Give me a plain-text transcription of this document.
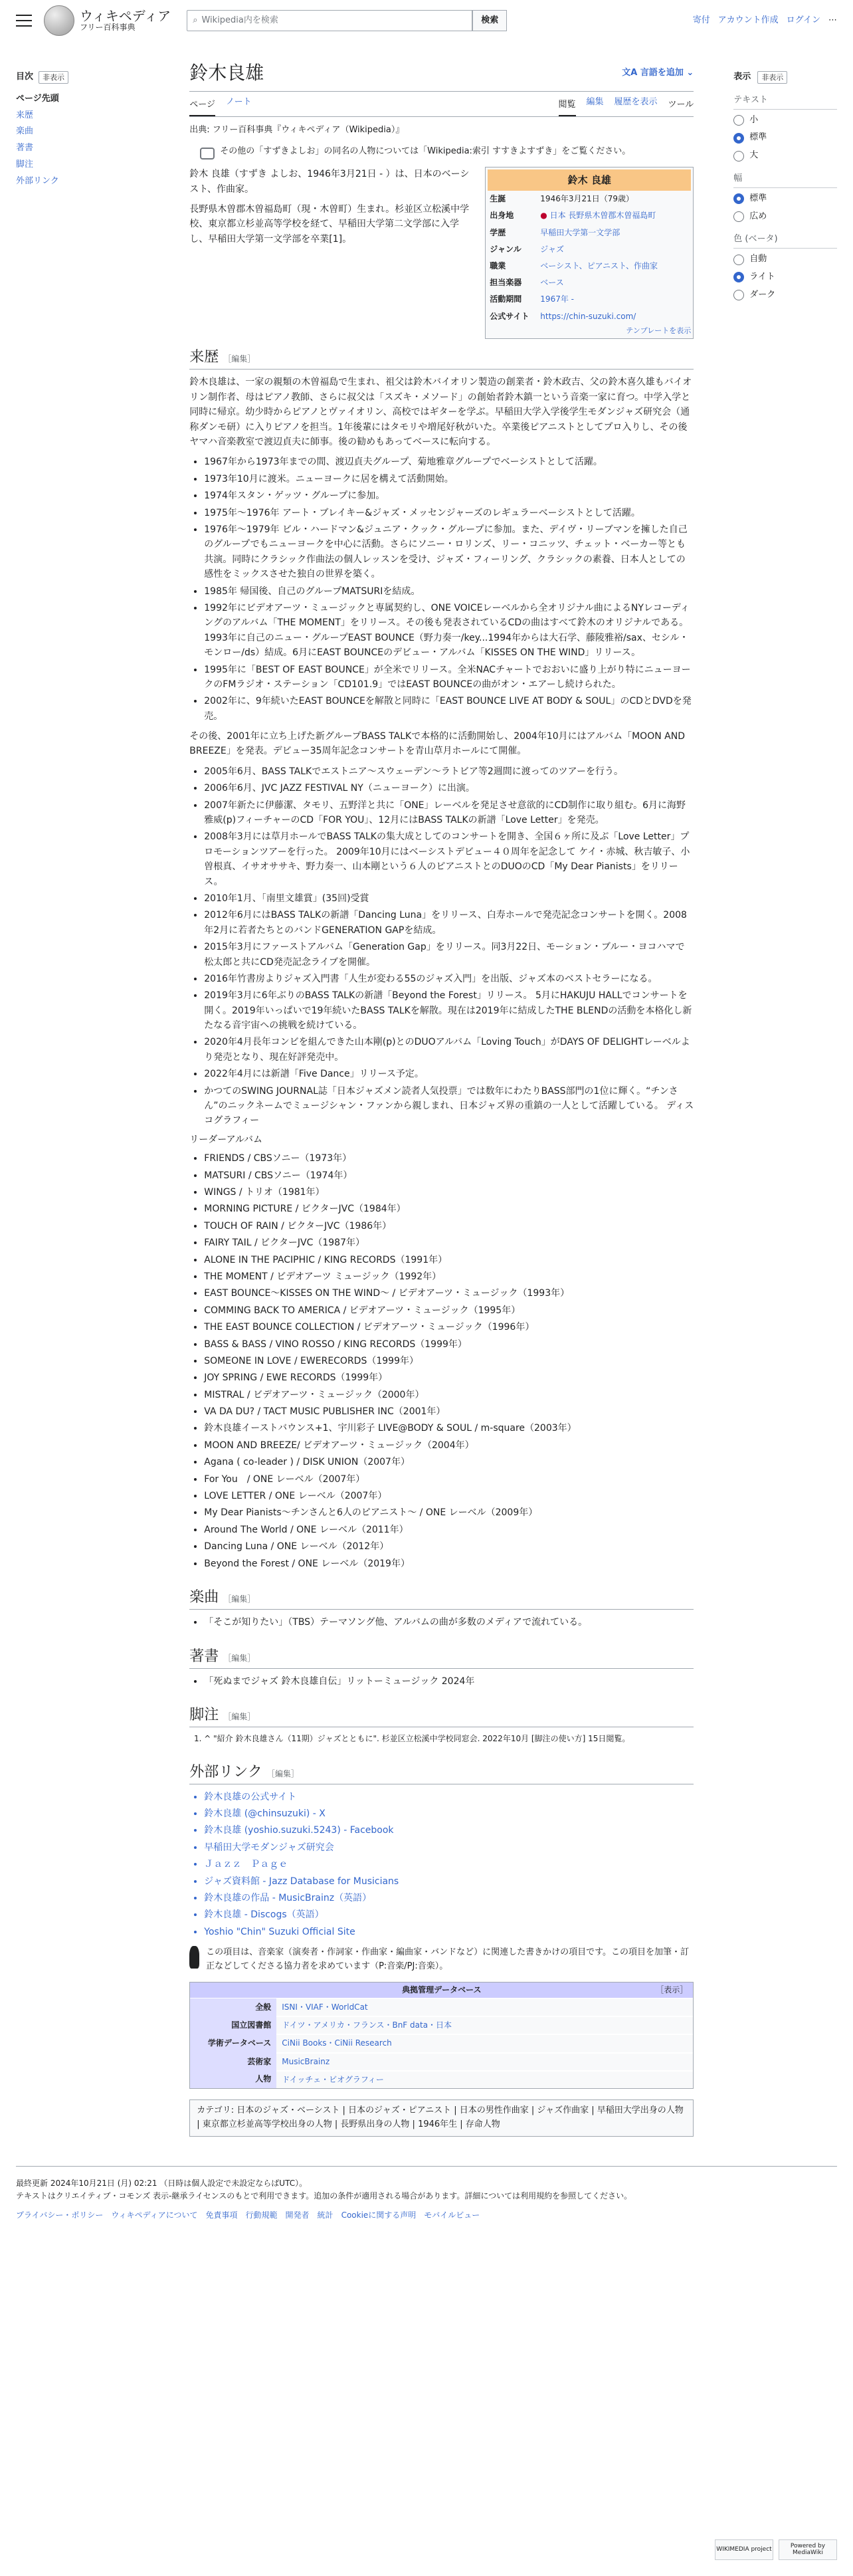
ウィキペディア
フリー百科事典
⌕ Wikipedia内を検索	検索	寄付 アカウント作成 ログイン ⋯
目次	非表示
ページ先頭
来歴
楽曲
著書
脚注
外部リンク
鈴木良雄	文A 言語を追加 ⌄
ページ ノート	閲覧 編集 履歴を表示 ツール
出典: フリー百科事典『ウィキペディア（Wikipedia）』
その他の「すずきよしお」の同名の人物については「Wikipedia:索引 すすきよすずき」をご覧ください。
鈴木 良雄
生誕	1946年3月21日（79歳）
出身地	● 日本 長野県木曽郡木曽福島町
学歴	早稲田大学第一文学部
ジャンル	ジャズ
職業	ベーシスト、ピアニスト、作曲家
担当楽器	ベース
活動期間	1967年 -
公式サイト	https://chin-suzuki.com/
テンプレートを表示

鈴木 良雄（すずき よしお、1946年3月21日 - ）は、日本のベーシスト、作曲家。

長野県木曽郡木曽福島町（現・木曽町）生まれ。杉並区立松溪中学校、東京都立杉並高等学校を経て、早稲田大学第二文学部に入学し、早稲田大学第一文学部を卒業[1]。

来歴 ［編集］

鈴木良雄は、一家の親類の木曽福島で生まれ、祖父は鈴木バイオリン製造の創業者・鈴木政吉、父の鈴木喜久雄もバイオリン制作者、母はピアノ教師、さらに叔父は「スズキ・メソード」の創始者鈴木鎮一という音楽一家に育つ。中学入学と同時に帰京。幼少時からピアノとヴァイオリン、高校ではギターを学ぶ。早稲田大学入学後学生モダンジャズ研究会（通称ダンモ研）に入りピアノを担当。1年後輩にはタモリや増尾好秋がいた。卒業後ピアニストとしてプロ入りし、その後ヤマハ音楽教室で渡辺貞夫に師事。後の勧めもあってベースに転向する。

• 1967年から1973年までの間、渡辺貞夫グループ、菊地雅章グループでベーシストとして活躍。
• 1973年10月に渡米。ニューヨークに居を構えて活動開始。
• 1974年スタン・ゲッツ・グループに参加。
• 1975年〜1976年 アート・ブレイキー&ジャズ・メッセンジャーズのレギュラーベーシストとして活躍。
• 1976年〜1979年 ビル・ハードマン&ジュニア・クック・グループに参加。また、デイヴ・リーブマンを擁した自己のグループでもニューヨークを中心に活動。さらにソニー・ロリンズ、リー・コニッツ、チェット・ベーカー等とも共演。同時にクラシック作曲法の個人レッスンを受け、ジャズ・フィーリング、クラシックの素養、日本人としての感性をミックスさせた独自の世界を築く。
• 1985年 帰国後、自己のグループMATSURIを結成。
• 1992年にビデオアーツ・ミュージックと専属契約し、ONE VOICEレーベルから全オリジナル曲によるNYレコーディングのアルバム「THE MOMENT」をリリース。その後も発表されているCDの曲はすべて鈴木のオリジナルである。1993年に自己のニュー・グループEAST BOUNCE（野力奏一/key...1994年からは大石学、藤陵雅裕/sax、セシル・モンロー/ds）結成。6月にEAST BOUNCEのデビュー・アルバム「KISSES ON THE WIND」リリース。
• 1995年に「BEST OF EAST BOUNCE」が全米でリリース。全米NACチャートでおおいに盛り上がり特にニューヨークのFMラジオ・ステーション「CD101.9」ではEAST BOUNCEの曲がオン・エアーし続けられた。
• 2002年に、9年続いたEAST BOUNCEを解散と同時に「EAST BOUNCE LIVE AT BODY & SOUL」のCDとDVDを発売。

その後、2001年に立ち上げた新グループBASS TALKで本格的に活動開始し、2004年10月にはアルバム「MOON AND BREEZE」を発表。デビュー35周年記念コンサートを青山草月ホールにて開催。

• 2005年6月、BASS TALKでエストニア〜スウェーデン〜ラトビア等2週間に渡ってのツアーを行う。
• 2006年6月、JVC JAZZ FESTIVAL NY（ニューヨーク）に出演。
• 2007年新たに伊藤潔、タモリ、五野洋と共に「ONE」レーベルを発足させ意欲的にCD制作に取り組む。6月に海野雅威(p)フィーチャーのCD「FOR YOU」、12月にはBASS TALKの新譜「Love Letter」を発売。
• 2008年3月には草月ホールでBASS TALKの集大成としてのコンサートを開き、全国６ヶ所に及ぶ「Love Letter」プロモーションツアーを行った。 2009年10月にはベーシストデビュー４０周年を記念して ケイ・赤城、秋吉敏子、小曽根真、イサオササキ、野力奏一、山本剛という６人のピアニストとのDUOのCD「My Dear Pianists」をリリース。
• 2010年1月、「南里文雄賞」(35回)受賞
• 2012年6月にはBASS TALKの新譜「Dancing Luna」をリリース、白寿ホールで発売記念コンサートを開く。2008年2月に若者たちとのバンドGENERATION GAPを結成。
• 2015年3月にファーストアルバム「Generation Gap」をリリース。同3月22日、モーション・ブルー・ヨコハマで松太郎と共にCD発売記念ライブを開催。
• 2016年竹書房よりジャズ入門書「人生が変わる55のジャズ入門」を出版、ジャズ本のベストセラーになる。
• 2019年3月に6年ぶりのBASS TALKの新譜「Beyond the Forest」リリース。 5月にHAKUJU HALLでコンサートを開く。2019年いっぱいで19年続いたBASS TALKを解散。現在は2019年に結成したTHE BLENDの活動を本格化し新たなる音宇宙への挑戦を続けている。
• 2020年4月長年コンビを組んできた山本剛(p)とのDUOアルバム「Loving Touch」がDAYS OF DELIGHTレーベルより発売となり、現在好評発売中。
• 2022年4月には新譜「Five Dance」リリース予定。
• かつてのSWING JOURNAL誌「日本ジャズメン読者人気投票」では数年にわたりBASS部門の1位に輝く。“チンさん”のニックネームでミュージシャン・ファンから親しまれ、日本ジャズ界の重鎮の一人として活躍している。 ディスコグラフィー
リーダーアルバム
• FRIENDS / CBSソニー（1973年）
• MATSURI / CBSソニー（1974年）
• WINGS / トリオ（1981年）
• MORNING PICTURE / ビクターJVC（1984年）
• TOUCH OF RAIN / ビクターJVC（1986年）
• FAIRY TAIL / ビクターJVC（1987年）
• ALONE IN THE PACIPHIC / KING RECORDS（1991年）
• THE MOMENT / ビデオアーツ ミュージック（1992年）
• EAST BOUNCE〜KISSES ON THE WIND〜 / ビデオアーツ・ミュージック（1993年）
• COMMING BACK TO AMERICA / ビデオアーツ・ミュージック（1995年）
• THE EAST BOUNCE COLLECTION / ビデオアーツ・ミュージック（1996年）
• BASS & BASS / VINO ROSSO / KING RECORDS（1999年）
• SOMEONE IN LOVE / EWERECORDS（1999年）
• JOY SPRING / EWE RECORDS（1999年）
• MISTRAL / ビデオアーツ・ミュージック（2000年）
• VA DA DU? / TACT MUSIC PUBLISHER INC（2001年）
• 鈴木良雄イーストバウンス+1、宇川彩子 LIVE@BODY & SOUL / m-square（2003年）
• MOON AND BREEZE/ ビデオアーツ・ミュージック（2004年）
• Agana ( co-leader ) / DISK UNION（2007年）
• For You　/ ONE レーベル（2007年）
• LOVE LETTER / ONE レーベル（2007年）
• My Dear Pianists〜チンさんと6人のピアニスト〜 / ONE レーベル（2009年）
• Around The World / ONE レーベル（2011年）
• Dancing Luna / ONE レーベル（2012年）
• Beyond the Forest / ONE レーベル（2019年）
楽曲 ［編集］
• 「そこが知りたい」（TBS）テーマソング他、アルバムの曲が多数のメディアで流れている。
著書 ［編集］
• 「死ぬまでジャズ 鈴木良雄自伝」リットーミュージック 2024年
脚注 ［編集］
1. ^ "紹介 鈴木良雄さん（11期）ジャズとともに". 杉並区立松溪中学校同窓会. 2022年10月 [脚注の使い方] 15日閲覧。
外部リンク ［編集］
• 鈴木良雄の公式サイト
• 鈴木良雄 (@chinsuzuki) - X
• 鈴木良雄 (yoshio.suzuki.5243) - Facebook
• 早稲田大学モダンジャズ研究会
• Ｊａｚｚ　Ｐａｇｅ
• ジャズ資料館 - Jazz Database for Musicians
• 鈴木良雄の作品 - MusicBrainz（英語）
• 鈴木良雄 - Discogs（英語）
• Yoshio "Chin" Suzuki Official Site
この項目は、音楽家（演奏者・作詞家・作曲家・編曲家・バンドなど）に関連した書きかけの項目です。この項目を加筆・訂正などしてくださる協力者を求めています（P:音楽/PJ:音楽）。
典拠管理データベース	［表示］
全般	ISNI・VIAF・WorldCat
国立図書館	ドイツ・アメリカ・フランス・BnF data・日本
学術データベース	CiNii Books・CiNii Research
芸術家	MusicBrainz
人物	ドイッチェ・ビオグラフィー
カテゴリ: 日本のジャズ・ベーシスト | 日本のジャズ・ピアニスト | 日本の男性作曲家 | ジャズ作曲家 | 早稲田大学出身の人物 | 東京都立杉並高等学校出身の人物 | 長野県出身の人物 | 1946年生 | 存命人物
表示	非表示
テキスト
小
標準
大
幅
標準
広め
色 (ベータ)
自動
ライト
ダーク
最終更新 2024年10月21日 (月) 02:21 （日時は個人設定で未設定ならばUTC）。
テキストはクリエイティブ・コモンズ 表示-継承ライセンスのもとで利用できます。追加の条件が適用される場合があります。詳細については利用規約を参照してください。
プライバシー・ポリシー ウィキペディアについて 免責事項 行動規範 開発者 統計 Cookieに関する声明 モバイルビュー
WIKIMEDIA project	Powered by MediaWiki
